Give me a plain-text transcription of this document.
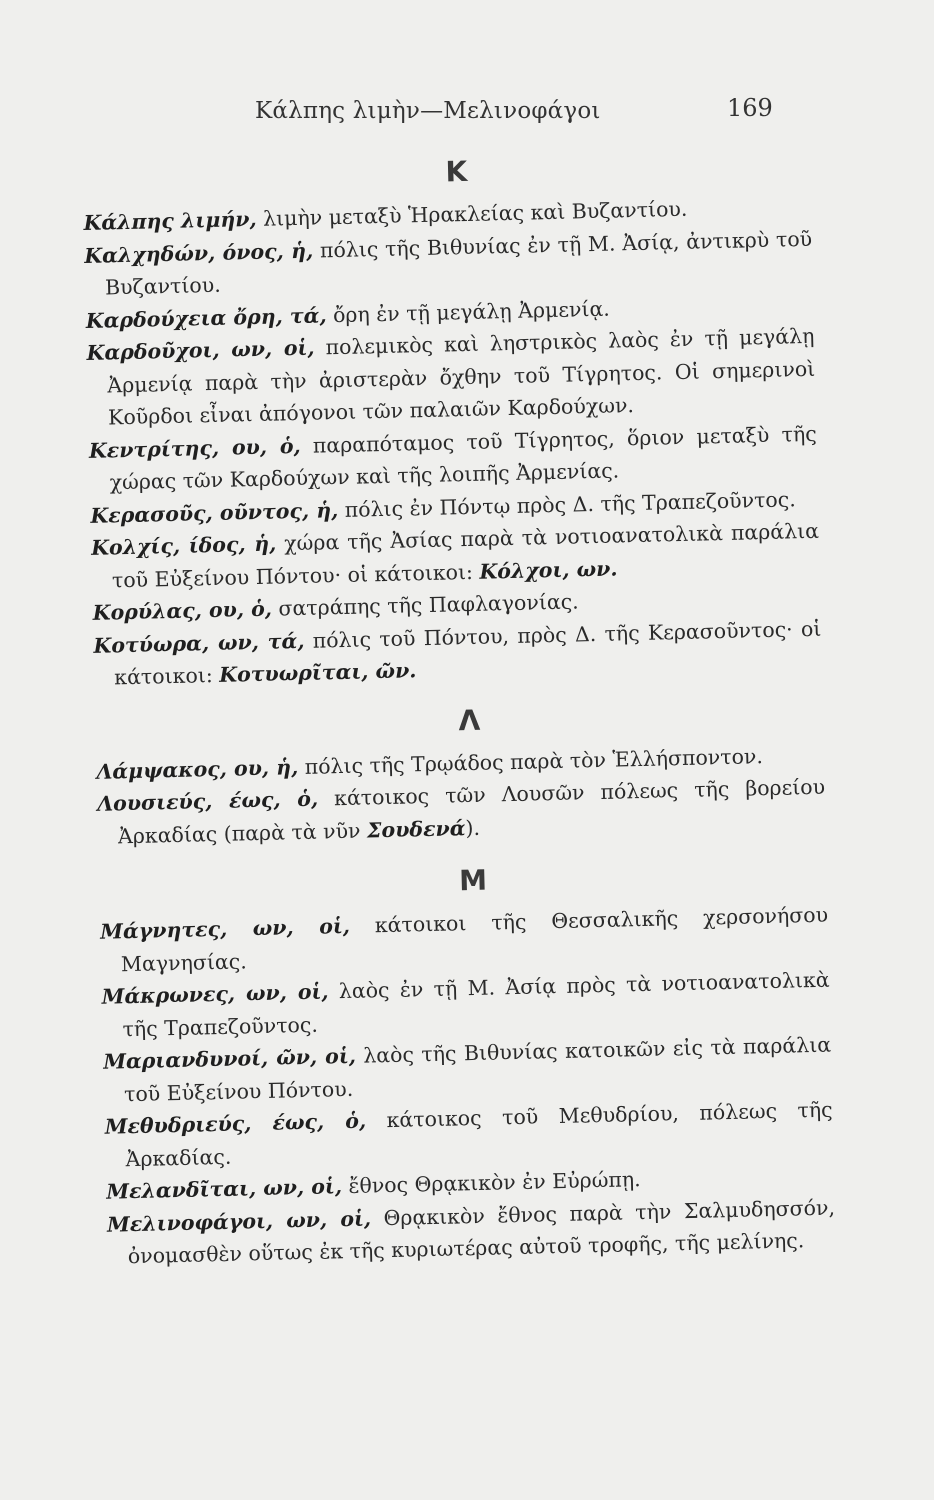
Κάλπης λιμὴν—Μελινοφάγοι	169
Κ
Κάλπης λιμήν, λιμὴν μεταξὺ Ἡρακλείας καὶ Βυζαντίου.
Καλχηδών, όνος, ἡ, πόλις τῆς Βιθυνίας ἐν τῇ Μ. Ἀσίᾳ, ἀντικρὺ τοῦ Βυζαντίου.
Καρδούχεια ὄρη, τά, ὄρη ἐν τῇ μεγάλῃ Ἀρμενίᾳ.
Καρδοῦχοι, ων, οἱ, πολεμικὸς καὶ ληστρικὸς λαὸς ἐν τῇ μεγάλῃ Ἀρμενίᾳ παρὰ τὴν ἀριστερὰν ὄχθην τοῦ Τίγρητος. Οἱ σημερινοὶ Κοῦρδοι εἶναι ἀπόγονοι τῶν παλαιῶν Καρδούχων.
Κεντρίτης, ου, ὁ, παραπόταμος τοῦ Τίγρητος, ὅριον μεταξὺ τῆς χώρας τῶν Καρδούχων καὶ τῆς λοιπῆς Ἀρμενίας.
Κερασοῦς, οῦντος, ἡ, πόλις ἐν Πόντῳ πρὸς Δ. τῆς Τραπεζοῦντος.
Κολχίς, ίδος, ἡ, χώρα τῆς Ἀσίας παρὰ τὰ νοτιοανατολικὰ παράλια τοῦ Εὐξείνου Πόντου· οἱ κάτοικοι: Κόλχοι, ων.
Κορύλας, ου, ὁ, σατράπης τῆς Παφλαγονίας.
Κοτύωρα, ων, τά, πόλις τοῦ Πόντου, πρὸς Δ. τῆς Κερασοῦντος· οἱ κάτοικοι: Κοτυωρῖται, ῶν.
Λ
Λάμψακος, ου, ἡ, πόλις τῆς Τρῳάδος παρὰ τὸν Ἑλλήσποντον.
Λουσιεύς, έως, ὁ, κάτοικος τῶν Λουσῶν πόλεως τῆς βορείου Ἀρκαδίας (παρὰ τὰ νῦν Σουδενά).
Μ
Μάγνητες, ων, οἱ, κάτοικοι τῆς Θεσσαλικῆς χερσονήσου Μαγνησίας.
Μάκρωνες, ων, οἱ, λαὸς ἐν τῇ Μ. Ἀσίᾳ πρὸς τὰ νοτιοανατολικὰ τῆς Τραπεζοῦντος.
Μαριανδυνοί, ῶν, οἱ, λαὸς τῆς Βιθυνίας κατοικῶν εἰς τὰ παράλια τοῦ Εὐξείνου Πόντου.
Μεθυδριεύς, έως, ὁ, κάτοικος τοῦ Μεθυδρίου, πόλεως τῆς Ἀρκαδίας.
Μελανδῖται, ων, οἱ, ἔθνος Θρᾳκικὸν ἐν Εὐρώπῃ.
Μελινοφάγοι, ων, οἱ, Θρᾳκικὸν ἔθνος παρὰ τὴν Σαλμυδησσόν, ὀνομασθὲν οὕτως ἐκ τῆς κυριωτέρας αὐτοῦ τροφῆς, τῆς μελίνης.
